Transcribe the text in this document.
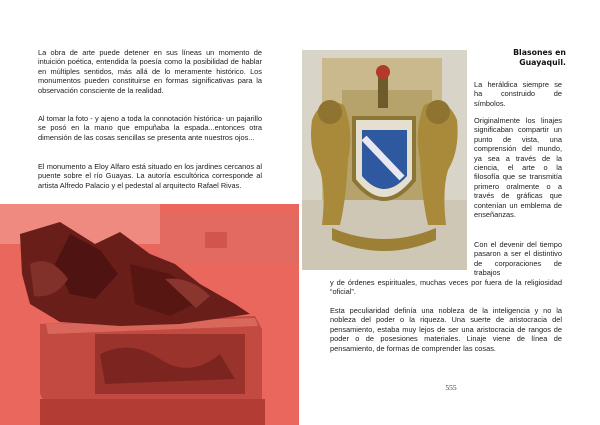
La obra de arte puede detener en sus líneas un momento de intuición poética, entendida la poesía como la posibilidad de hablar en múltiples sentidos, más allá de lo meramente histórico. Los monumentos pueden constituirse en formas significativas para la observación consciente de la realidad.

Al tomar la foto - y ajeno a toda la connotación histórica- un pajarillo se posó en la mano que empuñaba la espada...entonces otra dimensión de las cosas sencillas se presenta ante nuestros ojos...

El monumento a Eloy Alfaro está situado en los jardines cercanos al puente sobre el río Guayas. La autoría escultórica corresponde al artista Alfredo Palacio y el pedestal al arquitecto Rafael Rivas.

Blasones en Guayaquil.

La heráldica siempre se ha construido de símbolos.

Originalmente los linajes significaban compartir un punto de vista, una comprensión del mundo, ya sea a través de la ciencia, el arte o la filosofía que se transmitía primero oralmente o a través de gráficas que contenían un emblema de enseñanzas.

Con el devenir del tiempo pasaron a ser el distintivo de corporaciones de trabajos

y de órdenes espirituales, muchas veces por fuera de la religiosidad “oficial”.

Esta peculiaridad definía una nobleza de la inteligencia y no la nobleza del poder o la riqueza. Una suerte de aristocracia del pensamiento, estaba muy lejos de ser una aristocracia de rangos de poder o de posesiones materiales. Linaje viene de línea de pensamiento, de formas de comprender las cosas.

555
